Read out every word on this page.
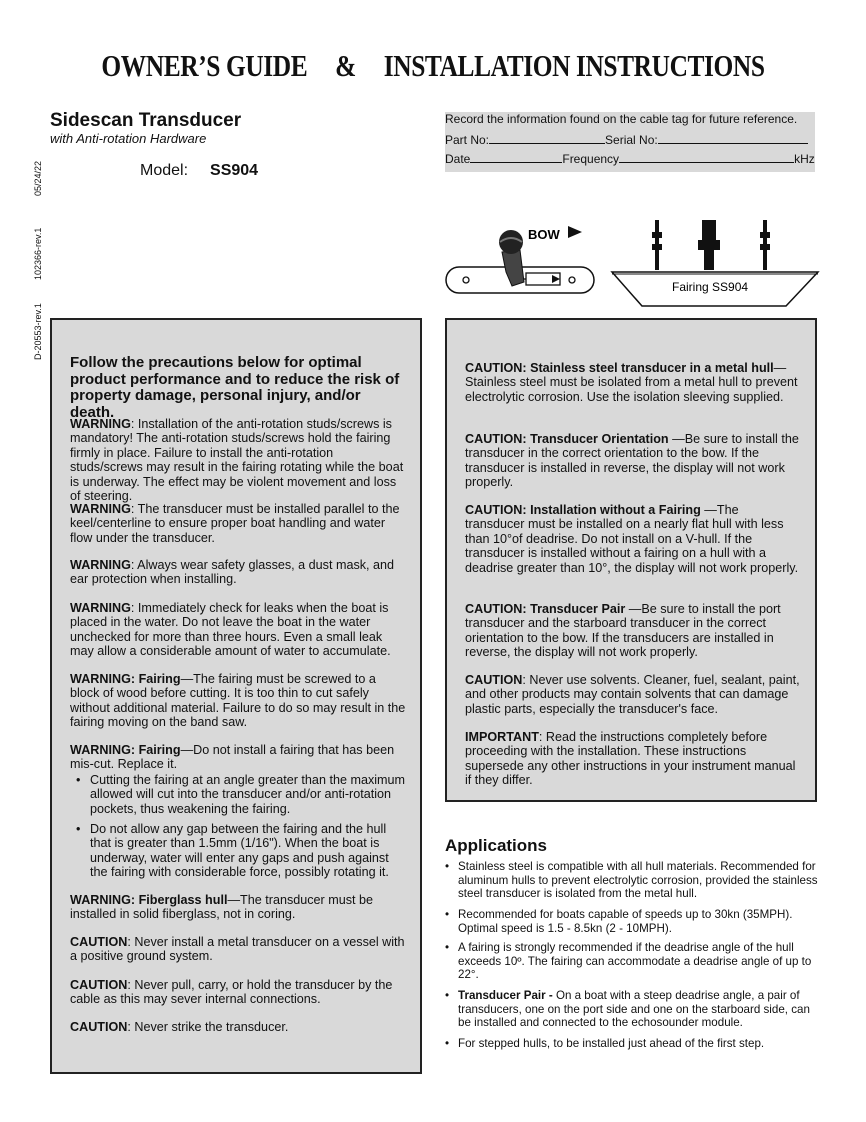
OWNER’S GUIDE & INSTALLATION INSTRUCTIONS
Sidescan Transducer
with Anti-rotation Hardware
Model: SS904
05/24/22
102366-rev.1
D-20553-rev.1
Record the information found on the cable tag for future reference.
Part No:	Serial No:
Date	Frequency	kHz
BOW
Fairing SS904
Follow the precautions below for optimal product performance and to reduce the risk of property damage, personal injury, and/or death.
WARNING: Installation of the anti-rotation studs/screws is mandatory! The anti-rotation studs/screws hold the fairing firmly in place. Failure to install the anti-rotation studs/screws may result in the fairing rotating while the boat is underway. The effect may be violent movement and loss of steering.
WARNING: The transducer must be installed parallel to the keel/centerline to ensure proper boat handling and water flow under the transducer.
WARNING: Always wear safety glasses, a dust mask, and ear protection when installing.
WARNING: Immediately check for leaks when the boat is placed in the water. Do not leave the boat in the water unchecked for more than three hours. Even a small leak may allow a considerable amount of water to accumulate.
WARNING: Fairing—The fairing must be screwed to a block of wood before cutting. It is too thin to cut safely without additional material. Failure to do so may result in the fairing moving on the band saw.
WARNING: Fairing—Do not install a fairing that has been mis-cut. Replace it.
• Cutting the fairing at an angle greater than the maximum allowed will cut into the transducer and/or anti-rotation pockets, thus weakening the fairing.
• Do not allow any gap between the fairing and the hull that is greater than 1.5mm (1/16"). When the boat is underway, water will enter any gaps and push against the fairing with considerable force, possibly rotating it.
WARNING: Fiberglass hull—The transducer must be installed in solid fiberglass, not in coring.
CAUTION: Never install a metal transducer on a vessel with a positive ground system.
CAUTION: Never pull, carry, or hold the transducer by the cable as this may sever internal connections.
CAUTION: Never strike the transducer.
CAUTION: Stainless steel transducer in a metal hull—Stainless steel must be isolated from a metal hull to prevent electrolytic corrosion. Use the isolation sleeving supplied.
CAUTION: Transducer Orientation —Be sure to install the transducer in the correct orientation to the bow. If the transducer is installed in reverse, the display will not work properly.
CAUTION: Installation without a Fairing —The transducer must be installed on a nearly flat hull with less than 10°of deadrise. Do not install on a V-hull. If the transducer is installed without a fairing on a hull with a deadrise greater than 10°, the display will not work properly.
CAUTION: Transducer Pair —Be sure to install the port transducer and the starboard transducer in the correct orientation to the bow. If the transducers are installed in reverse, the display will not work properly.
CAUTION: Never use solvents. Cleaner, fuel, sealant, paint, and other products may contain solvents that can damage plastic parts, especially the transducer's face.
IMPORTANT: Read the instructions completely before proceeding with the installation. These instructions supersede any other instructions in your instrument manual if they differ.
Applications
• Stainless steel is compatible with all hull materials. Recommended for aluminum hulls to prevent electrolytic corrosion, provided the stainless steel transducer is isolated from the metal hull.
• Recommended for boats capable of speeds up to 30kn (35MPH). Optimal speed is 1.5 - 8.5kn (2 - 10MPH).
• A fairing is strongly recommended if the deadrise angle of the hull exceeds 10º. The fairing can accommodate a deadrise angle of up to 22°.
• Transducer Pair - On a boat with a steep deadrise angle, a pair of transducers, one on the port side and one on the starboard side, can be installed and connected to the echosounder module.
• For stepped hulls, to be installed just ahead of the first step.
